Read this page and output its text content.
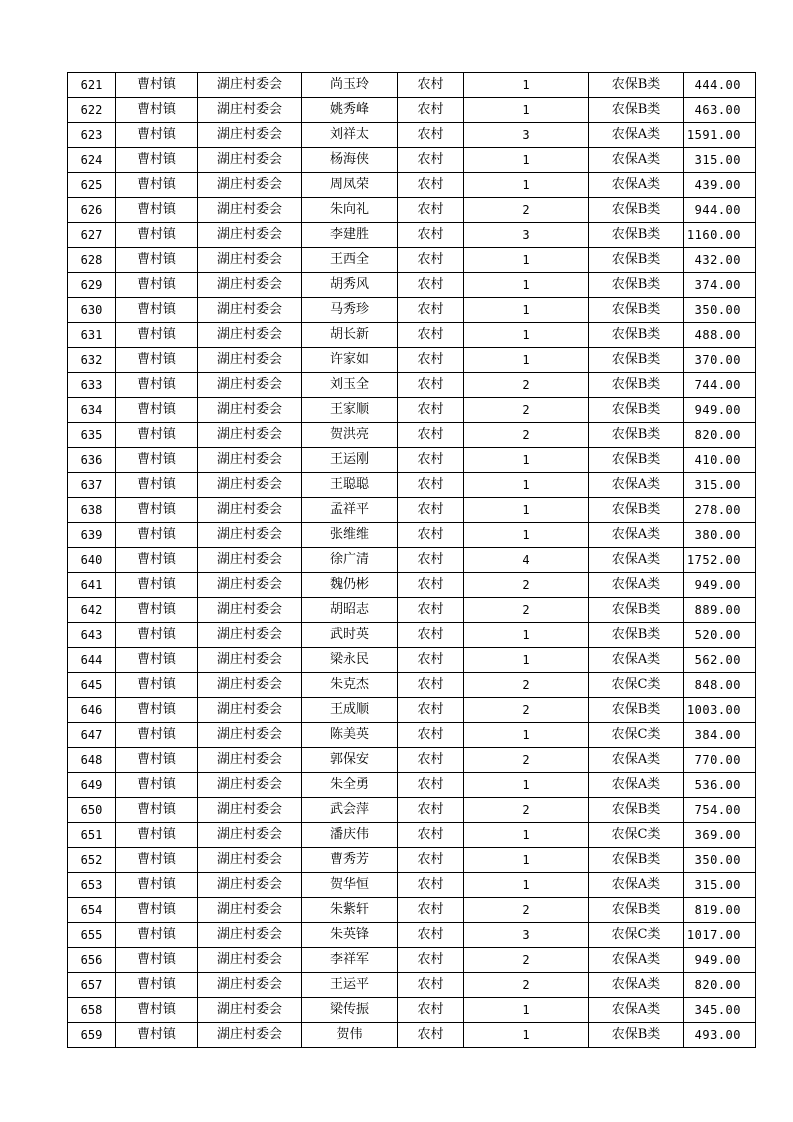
621	曹村镇	湖庄村委会	尚玉玲	农村	1	农保B类	444.00
622	曹村镇	湖庄村委会	姚秀峰	农村	1	农保B类	463.00
623	曹村镇	湖庄村委会	刘祥太	农村	3	农保A类	1591.00
624	曹村镇	湖庄村委会	杨海侠	农村	1	农保A类	315.00
625	曹村镇	湖庄村委会	周凤荣	农村	1	农保A类	439.00
626	曹村镇	湖庄村委会	朱向礼	农村	2	农保B类	944.00
627	曹村镇	湖庄村委会	李建胜	农村	3	农保B类	1160.00
628	曹村镇	湖庄村委会	王西全	农村	1	农保B类	432.00
629	曹村镇	湖庄村委会	胡秀风	农村	1	农保B类	374.00
630	曹村镇	湖庄村委会	马秀珍	农村	1	农保B类	350.00
631	曹村镇	湖庄村委会	胡长新	农村	1	农保B类	488.00
632	曹村镇	湖庄村委会	许家如	农村	1	农保B类	370.00
633	曹村镇	湖庄村委会	刘玉全	农村	2	农保B类	744.00
634	曹村镇	湖庄村委会	王家顺	农村	2	农保B类	949.00
635	曹村镇	湖庄村委会	贺洪亮	农村	2	农保B类	820.00
636	曹村镇	湖庄村委会	王运刚	农村	1	农保B类	410.00
637	曹村镇	湖庄村委会	王聪聪	农村	1	农保A类	315.00
638	曹村镇	湖庄村委会	孟祥平	农村	1	农保B类	278.00
639	曹村镇	湖庄村委会	张维维	农村	1	农保A类	380.00
640	曹村镇	湖庄村委会	徐广清	农村	4	农保A类	1752.00
641	曹村镇	湖庄村委会	魏仍彬	农村	2	农保A类	949.00
642	曹村镇	湖庄村委会	胡昭志	农村	2	农保B类	889.00
643	曹村镇	湖庄村委会	武时英	农村	1	农保B类	520.00
644	曹村镇	湖庄村委会	梁永民	农村	1	农保A类	562.00
645	曹村镇	湖庄村委会	朱克杰	农村	2	农保C类	848.00
646	曹村镇	湖庄村委会	王成顺	农村	2	农保B类	1003.00
647	曹村镇	湖庄村委会	陈美英	农村	1	农保C类	384.00
648	曹村镇	湖庄村委会	郭保安	农村	2	农保A类	770.00
649	曹村镇	湖庄村委会	朱全勇	农村	1	农保A类	536.00
650	曹村镇	湖庄村委会	武会萍	农村	2	农保B类	754.00
651	曹村镇	湖庄村委会	潘庆伟	农村	1	农保C类	369.00
652	曹村镇	湖庄村委会	曹秀芳	农村	1	农保B类	350.00
653	曹村镇	湖庄村委会	贺华恒	农村	1	农保A类	315.00
654	曹村镇	湖庄村委会	朱紫轩	农村	2	农保B类	819.00
655	曹村镇	湖庄村委会	朱英锋	农村	3	农保C类	1017.00
656	曹村镇	湖庄村委会	李祥军	农村	2	农保A类	949.00
657	曹村镇	湖庄村委会	王运平	农村	2	农保A类	820.00
658	曹村镇	湖庄村委会	梁传振	农村	1	农保A类	345.00
659	曹村镇	湖庄村委会	贺伟	农村	1	农保B类	493.00
